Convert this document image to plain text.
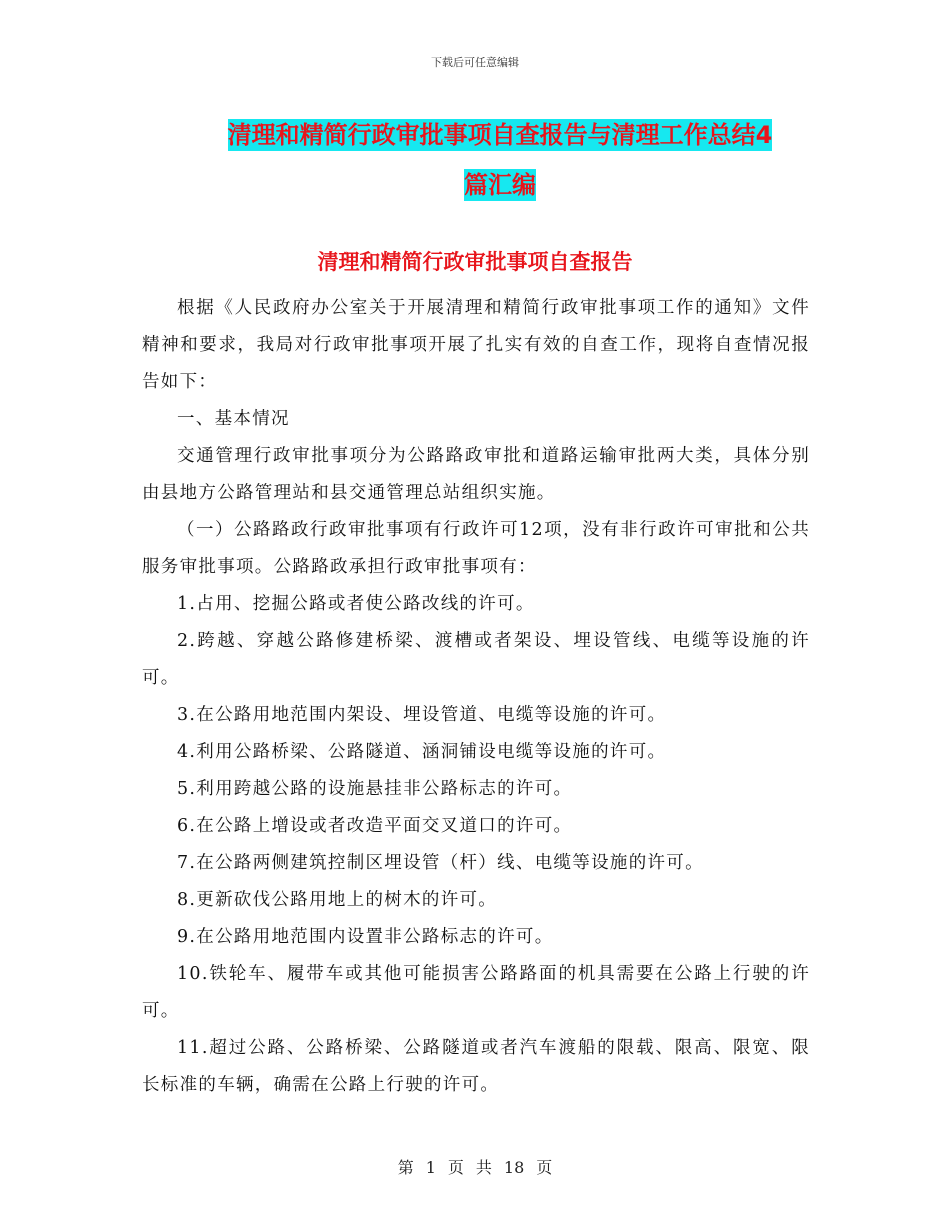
下载后可任意编辑
清理和精简行政审批事项自查报告与清理工作总结4
篇汇编
清理和精简行政审批事项自查报告

根据《人民政府办公室关于开展清理和精简行政审批事项工作的通知》文件精神和要求，我局对行政审批事项开展了扎实有效的自查工作，现将自查情况报告如下：

一、基本情况

交通管理行政审批事项分为公路路政审批和道路运输审批两大类，具体分别由县地方公路管理站和县交通管理总站组织实施。

（一）公路路政行政审批事项有行政许可12项，没有非行政许可审批和公共服务审批事项。公路路政承担行政审批事项有：

1.占用、挖掘公路或者使公路改线的许可。

2.跨越、穿越公路修建桥梁、渡槽或者架设、埋设管线、电缆等设施的许可。

3.在公路用地范围内架设、埋设管道、电缆等设施的许可。

4.利用公路桥梁、公路隧道、涵洞铺设电缆等设施的许可。

5.利用跨越公路的设施悬挂非公路标志的许可。

6.在公路上增设或者改造平面交叉道口的许可。

7.在公路两侧建筑控制区埋设管（杆）线、电缆等设施的许可。

8.更新砍伐公路用地上的树木的许可。

9.在公路用地范围内设置非公路标志的许可。

10.铁轮车、履带车或其他可能损害公路路面的机具需要在公路上行驶的许可。

11.超过公路、公路桥梁、公路隧道或者汽车渡船的限载、限高、限宽、限长标准的车辆，确需在公路上行驶的许可。

第 1 页 共 18 页
